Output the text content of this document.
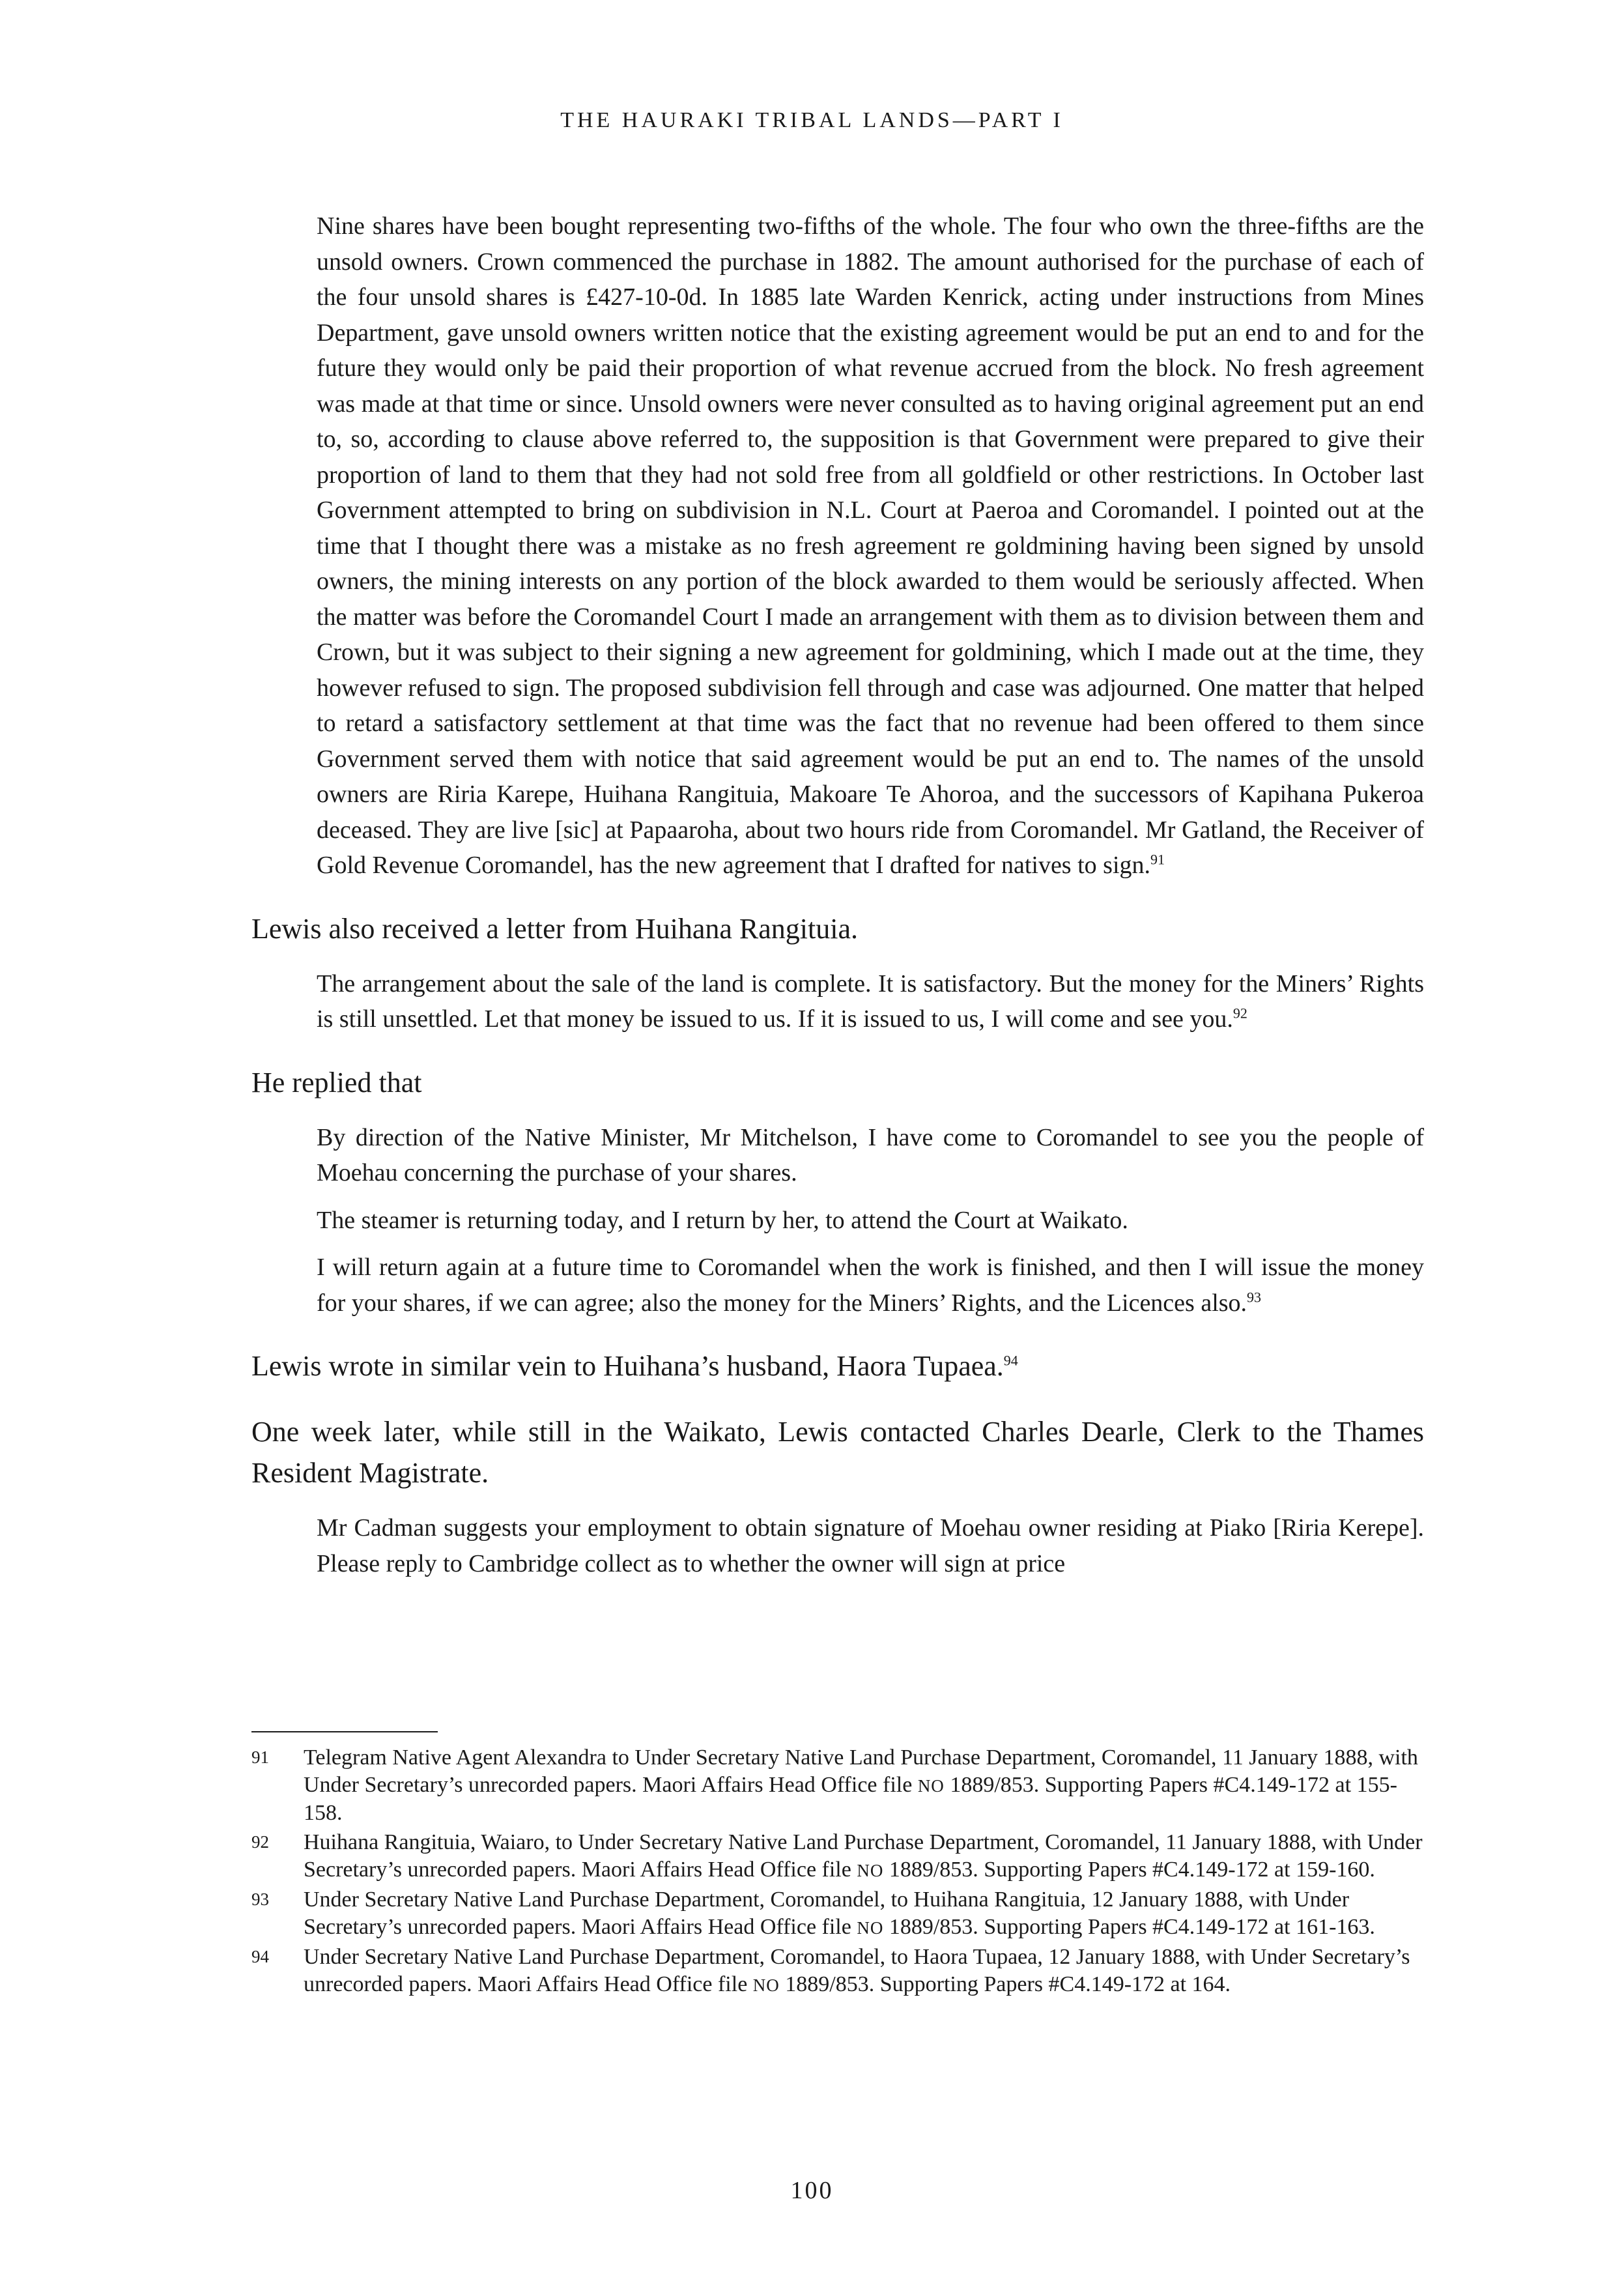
THE HAURAKI TRIBAL LANDS—PART I

Nine shares have been bought representing two-fifths of the whole. The four who own the three-fifths are the unsold owners. Crown commenced the purchase in 1882. The amount authorised for the purchase of each of the four unsold shares is £427-10-0d. In 1885 late Warden Kenrick, acting under instructions from Mines Department, gave unsold owners written notice that the existing agreement would be put an end to and for the future they would only be paid their proportion of what revenue accrued from the block. No fresh agreement was made at that time or since. Unsold owners were never consulted as to having original agreement put an end to, so, according to clause above referred to, the supposition is that Government were prepared to give their proportion of land to them that they had not sold free from all goldfield or other restrictions. In October last Government attempted to bring on subdivision in N.L. Court at Paeroa and Coromandel. I pointed out at the time that I thought there was a mistake as no fresh agreement re goldmining having been signed by unsold owners, the mining interests on any portion of the block awarded to them would be seriously affected. When the matter was before the Coromandel Court I made an arrangement with them as to division between them and Crown, but it was subject to their signing a new agreement for goldmining, which I made out at the time, they however refused to sign. The proposed subdivision fell through and case was adjourned. One matter that helped to retard a satisfactory settlement at that time was the fact that no revenue had been offered to them since Government served them with notice that said agreement would be put an end to. The names of the unsold owners are Riria Karepe, Huihana Rangituia, Makoare Te Ahoroa, and the successors of Kapihana Pukeroa deceased. They are live [sic] at Papaaroha, about two hours ride from Coromandel. Mr Gatland, the Receiver of Gold Revenue Coromandel, has the new agreement that I drafted for natives to sign.$^{91}$

Lewis also received a letter from Huihana Rangituia.

The arrangement about the sale of the land is complete. It is satisfactory. But the money for the Miners’ Rights is still unsettled. Let that money be issued to us. If it is issued to us, I will come and see you.$^{92}$

He replied that

By direction of the Native Minister, Mr Mitchelson, I have come to Coromandel to see you the people of Moehau concerning the purchase of your shares.

The steamer is returning today, and I return by her, to attend the Court at Waikato.

I will return again at a future time to Coromandel when the work is finished, and then I will issue the money for your shares, if we can agree; also the money for the Miners’ Rights, and the Licences also.$^{93}$

Lewis wrote in similar vein to Huihana’s husband, Haora Tupaea.$^{94}$

One week later, while still in the Waikato, Lewis contacted Charles Dearle, Clerk to the Thames Resident Magistrate.

Mr Cadman suggests your employment to obtain signature of Moehau owner residing at Piako [Riria Kerepe]. Please reply to Cambridge collect as to whether the owner will sign at price

91	Telegram Native Agent Alexandra to Under Secretary Native Land Purchase Department, Coromandel, 11 January 1888, with Under Secretary’s unrecorded papers. Maori Affairs Head Office file NO 1889/853. Supporting Papers #C4.149-172 at 155-158.
92	Huihana Rangituia, Waiaro, to Under Secretary Native Land Purchase Department, Coromandel, 11 January 1888, with Under Secretary’s unrecorded papers. Maori Affairs Head Office file NO 1889/853. Supporting Papers #C4.149-172 at 159-160.
93	Under Secretary Native Land Purchase Department, Coromandel, to Huihana Rangituia, 12 January 1888, with Under Secretary’s unrecorded papers. Maori Affairs Head Office file NO 1889/853. Supporting Papers #C4.149-172 at 161-163.
94	Under Secretary Native Land Purchase Department, Coromandel, to Haora Tupaea, 12 January 1888, with Under Secretary’s unrecorded papers. Maori Affairs Head Office file NO 1889/853. Supporting Papers #C4.149-172 at 164.
100
